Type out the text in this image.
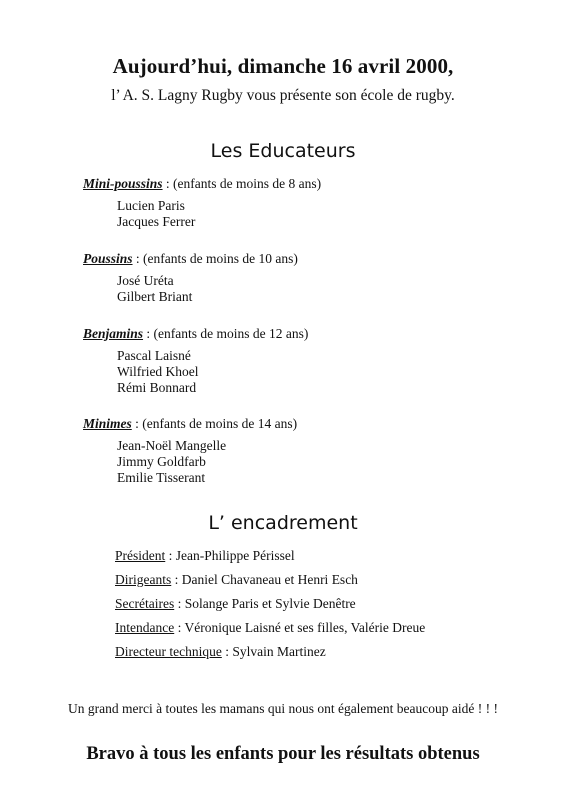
Aujourd’hui, dimanche 16 avril 2000,
l’ A. S. Lagny Rugby vous présente son école de rugby.
Les Educateurs
Mini-poussins : (enfants de moins de 8 ans)
Lucien Paris
Jacques Ferrer
Poussins : (enfants de moins de 10 ans)
José Uréta
Gilbert Briant
Benjamins : (enfants de moins de 12 ans)
Pascal Laisné
Wilfried Khoel
Rémi Bonnard
Minimes : (enfants de moins de 14 ans)
Jean-Noël Mangelle
Jimmy Goldfarb
Emilie Tisserant
L’ encadrement
Président : Jean-Philippe Périssel
Dirigeants : Daniel Chavaneau et Henri Esch
Secrétaires : Solange Paris et Sylvie Denêtre
Intendance : Véronique Laisné et ses filles, Valérie Dreue
Directeur technique : Sylvain Martinez
Un grand merci à toutes les mamans qui nous ont également beaucoup aidé ! ! !
Bravo à tous les enfants pour les résultats obtenus
